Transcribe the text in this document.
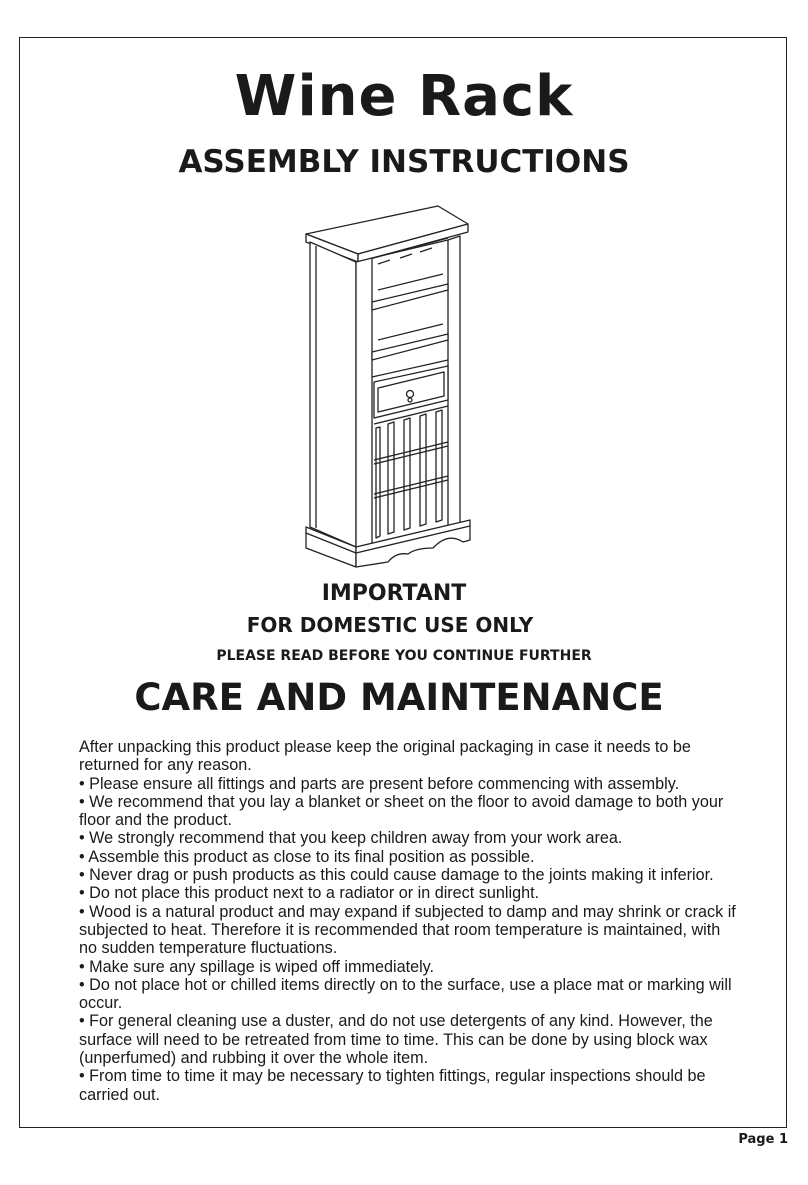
Wine Rack
ASSEMBLY INSTRUCTIONS
IMPORTANT
FOR DOMESTIC USE ONLY
PLEASE READ BEFORE YOU CONTINUE FURTHER
CARE AND MAINTENANCE

After unpacking this product please keep the original packaging in case it needs to be returned for any reason.

• Please ensure all fittings and parts are present before commencing with assembly.

• We recommend that you lay a blanket or sheet on the floor to avoid damage to both your floor and the product.

• We strongly recommend that you keep children away from your work area.

• Assemble this product as close to its final position as possible.

• Never drag or push products as this could cause damage to the joints making it inferior.

• Do not place this product next to a radiator or in direct sunlight.

• Wood is a natural product and may expand if subjected to damp and may shrink or crack if subjected to heat. Therefore it is recommended that room temperature is maintained, with no sudden temperature fluctuations.

• Make sure any spillage is wiped off immediately.

• Do not place hot or chilled items directly on to the surface, use a place mat or marking will occur.

• For general cleaning use a duster, and do not use detergents of any kind. However, the surface will need to be retreated from time to time. This can be done by using block wax (unperfumed) and rubbing it over the whole item.

• From time to time it may be necessary to tighten fittings, regular inspections should be carried out.

Page 1
